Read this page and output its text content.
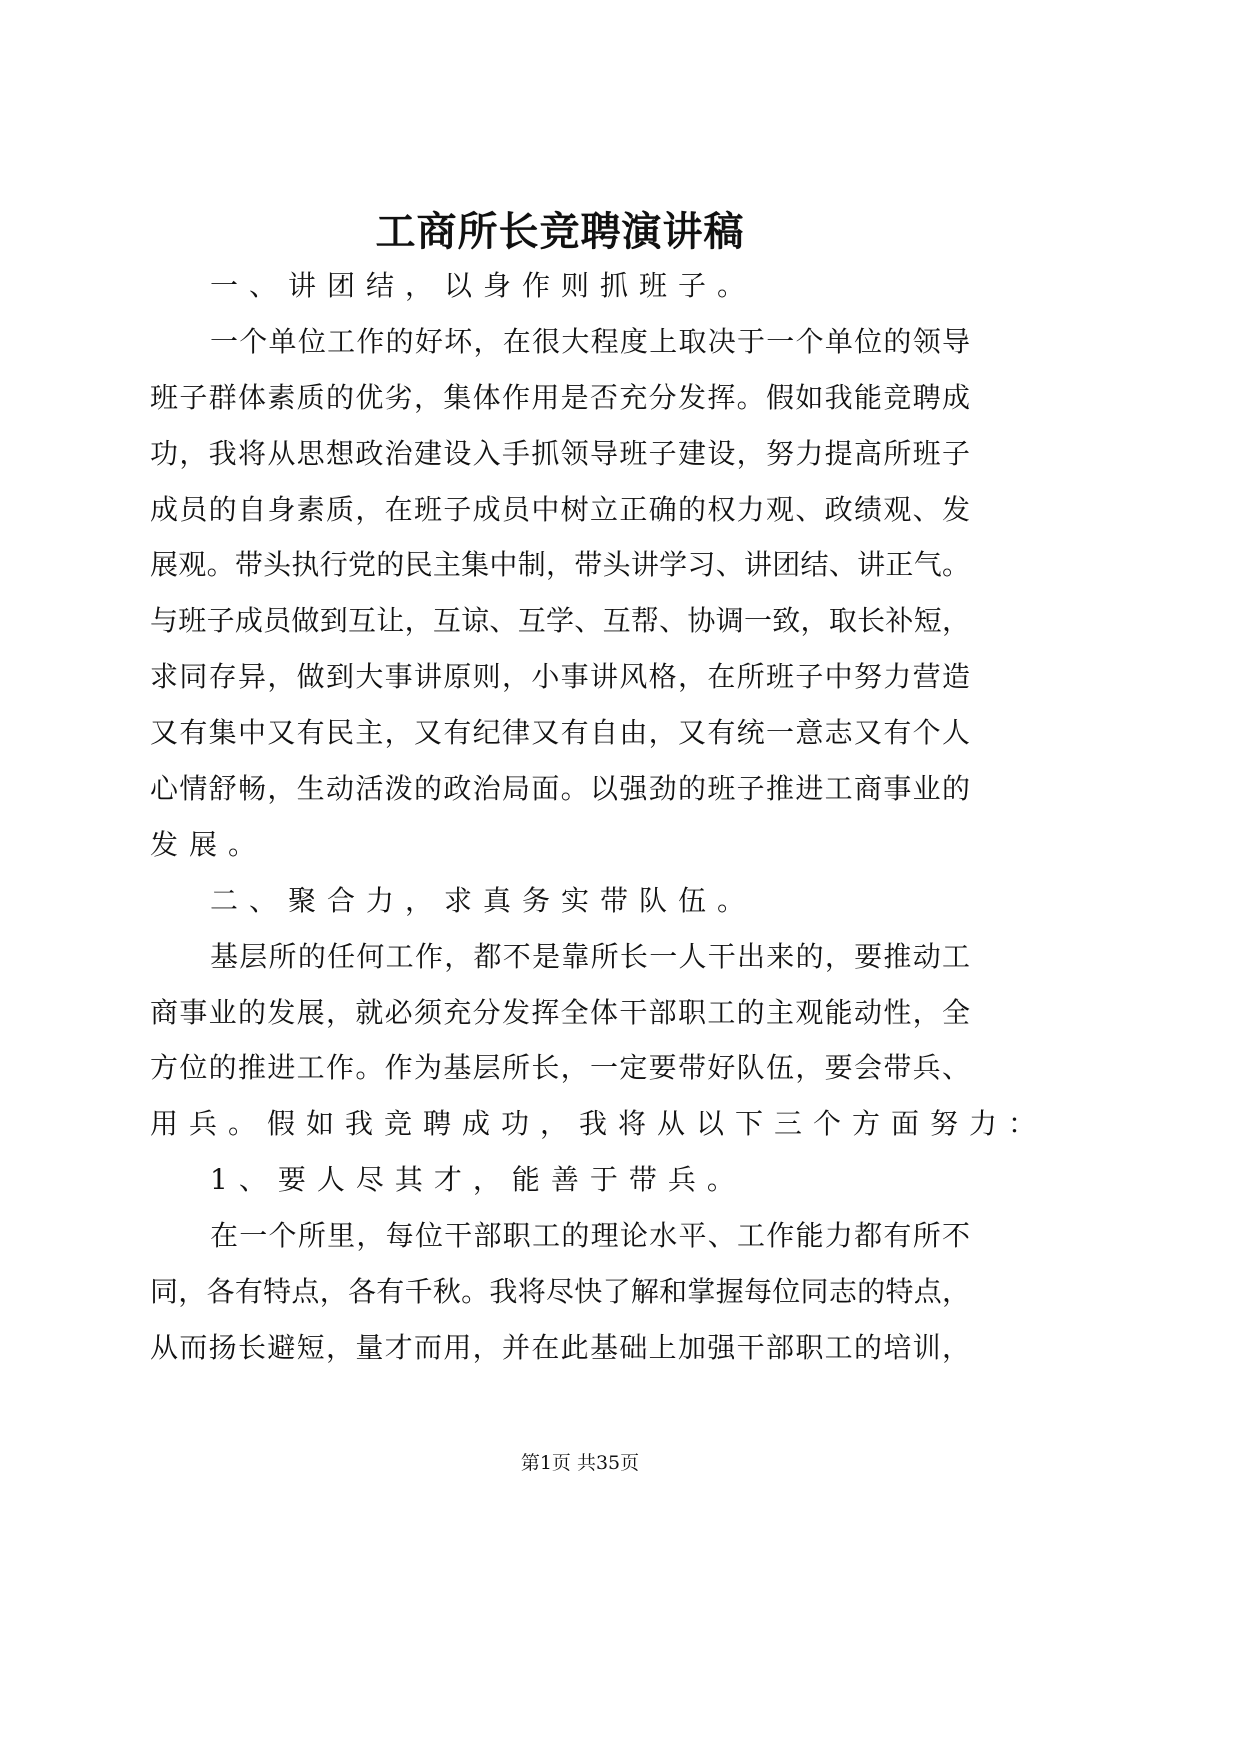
工商所长竞聘演讲稿
一、讲团结，以身作则抓班子。
一个单位工作的好坏，在很大程度上取决于一个单位的领导
班子群体素质的优劣，集体作用是否充分发挥。假如我能竞聘成
功，我将从思想政治建设入手抓领导班子建设，努力提高所班子
成员的自身素质，在班子成员中树立正确的权力观、政绩观、发
展观。带头执行党的民主集中制，带头讲学习、讲团结、讲正气。
与班子成员做到互让，互谅、互学、互帮、协调一致，取长补短，
求同存异，做到大事讲原则，小事讲风格，在所班子中努力营造
又有集中又有民主，又有纪律又有自由，又有统一意志又有个人
心情舒畅，生动活泼的政治局面。以强劲的班子推进工商事业的
发展。
二、聚合力，求真务实带队伍。
基层所的任何工作，都不是靠所长一人干出来的，要推动工
商事业的发展，就必须充分发挥全体干部职工的主观能动性，全
方位的推进工作。作为基层所长，一定要带好队伍，要会带兵、
用兵。假如我竞聘成功，我将从以下三个方面努力：
1、要人尽其才，能善于带兵。
在一个所里，每位干部职工的理论水平、工作能力都有所不
同，各有特点，各有千秋。我将尽快了解和掌握每位同志的特点，
从而扬长避短，量才而用，并在此基础上加强干部职工的培训，
第1页 共35页
